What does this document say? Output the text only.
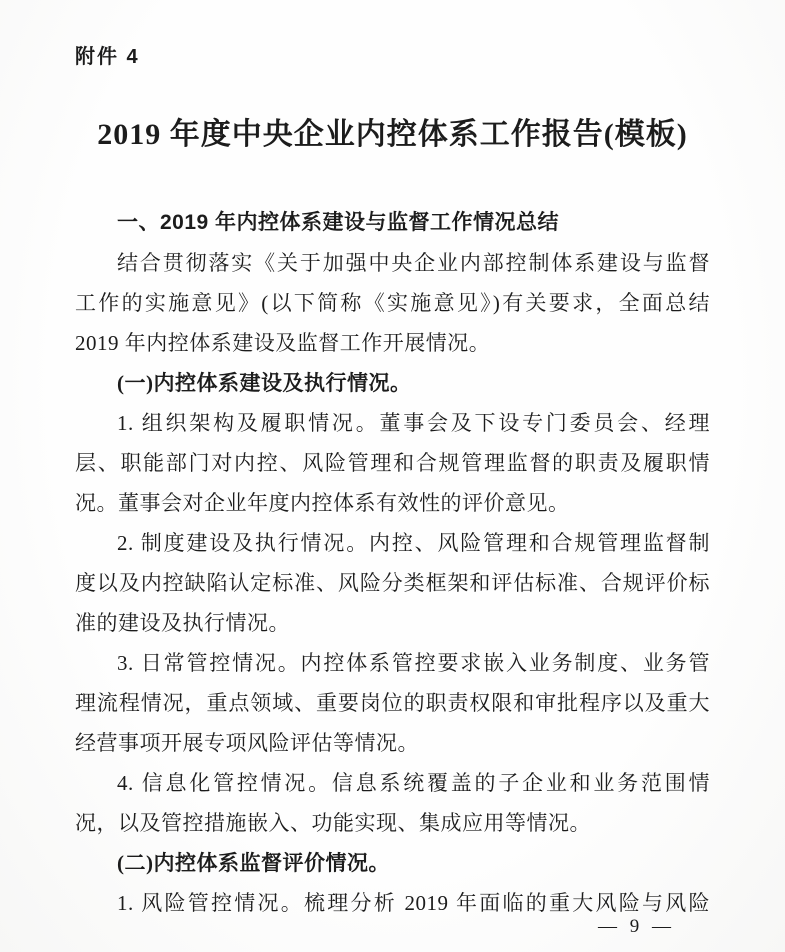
附件 4
2019 年度中央企业内控体系工作报告(模板)
一、2019 年内控体系建设与监督工作情况总结
结合贯彻落实《关于加强中央企业内部控制体系建设与监督
工作的实施意见》(以下简称《实施意见》)有关要求，全面总结
2019 年内控体系建设及监督工作开展情况。
(一)内控体系建设及执行情况。
1. 组织架构及履职情况。董事会及下设专门委员会、经理
层、职能部门对内控、风险管理和合规管理监督的职责及履职情
况。董事会对企业年度内控体系有效性的评价意见。
2. 制度建设及执行情况。内控、风险管理和合规管理监督制
度以及内控缺陷认定标准、风险分类框架和评估标准、合规评价标
准的建设及执行情况。
3. 日常管控情况。内控体系管控要求嵌入业务制度、业务管
理流程情况，重点领域、重要岗位的职责权限和审批程序以及重大
经营事项开展专项风险评估等情况。
4. 信息化管控情况。信息系统覆盖的子企业和业务范围情
况，以及管控措施嵌入、功能实现、集成应用等情况。
(二)内控体系监督评价情况。
1. 风险管控情况。梳理分析 2019 年面临的重大风险与风险
— 9 —
